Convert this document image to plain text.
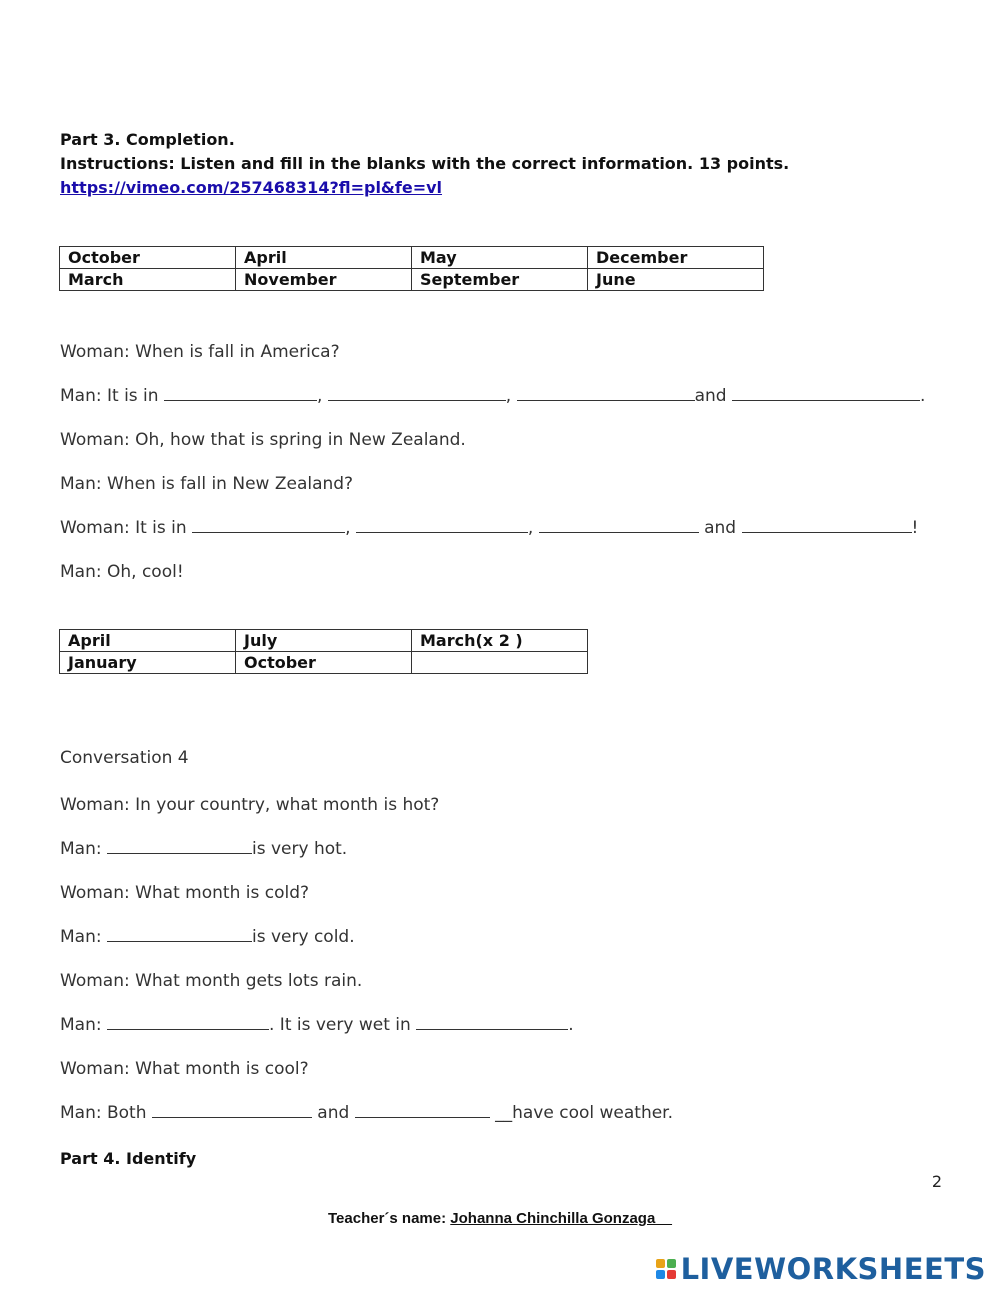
Part 3. Completion.
Instructions: Listen and fill in the blanks with the correct information. 13 points.
https://vimeo.com/257468314?fl=pl&fe=vl
October	April	May	December
March	November	September	June
Woman: When is fall in America?
Man: It is in	,	,	and	.
Woman: Oh, how that is spring in New Zealand.
Man: When is fall in New Zealand?
Woman: It is in	,	,	and	!
Man: Oh, cool!
April	July	March(x 2 )
January	October	
Conversation 4
Woman: In your country, what month is hot?
Man:	is very hot.
Woman: What month is cold?
Man:	is very cold.
Woman: What month gets lots rain.
Man:	. It is very wet in	.
Woman: What month is cool?
Man: Both	and	__have cool weather.
Part 4. Identify
2
Teacher´s name: Johanna Chinchilla Gonzaga__
LIVEWORKSHEETS
